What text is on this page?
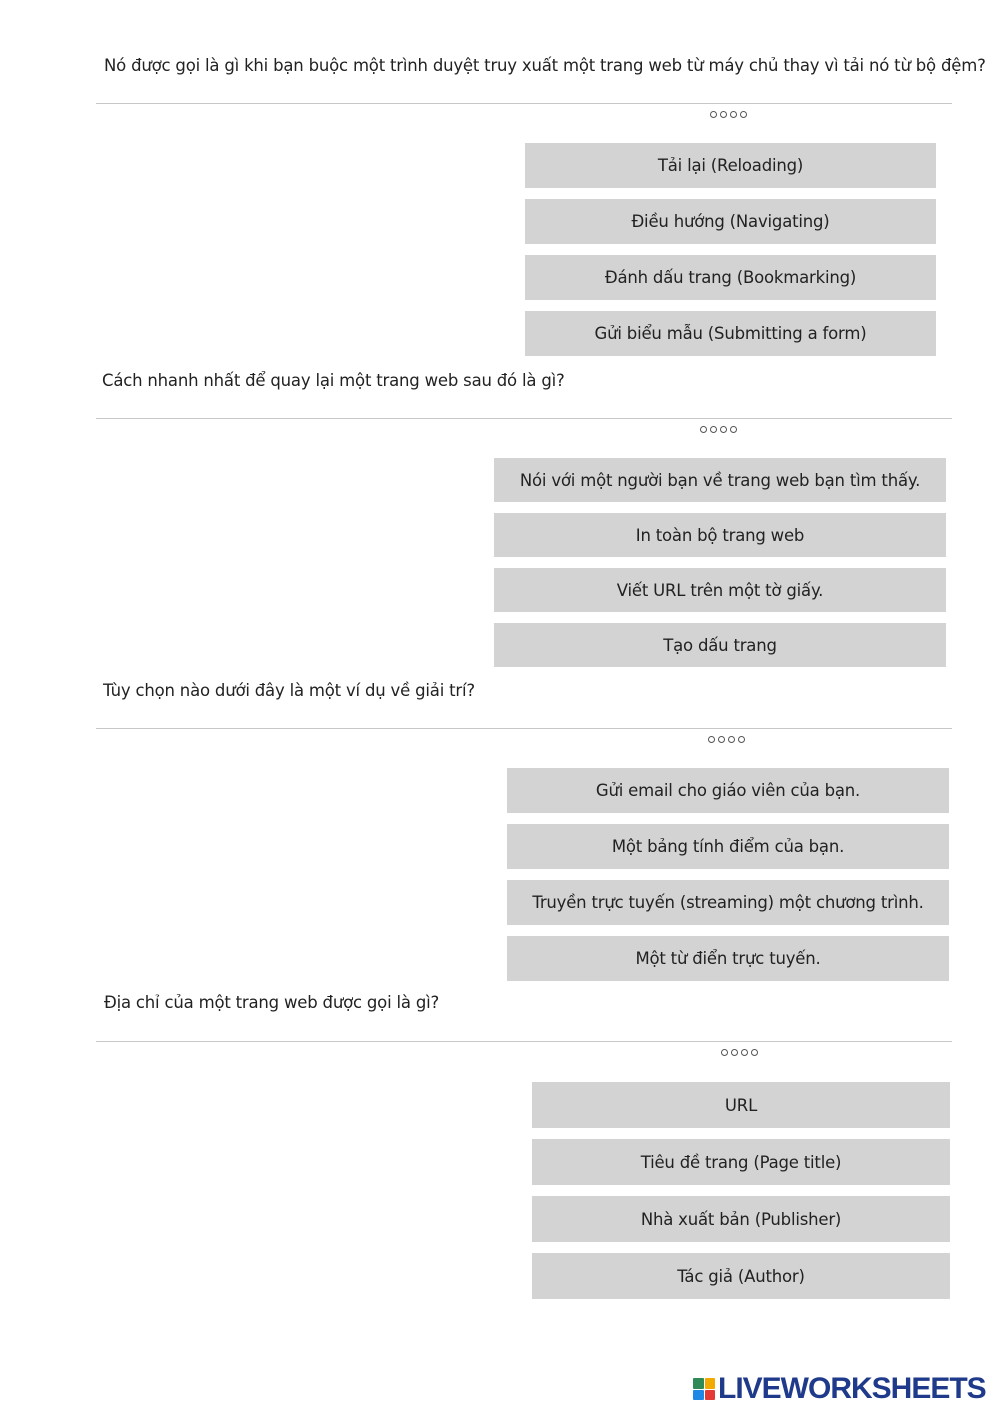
Nó được gọi là gì khi bạn buộc một trình duyệt truy xuất một trang web từ máy chủ thay vì tải nó từ bộ đệm?

Tải lại (Reloading)
Điều hướng (Navigating)
Đánh dấu trang (Bookmarking)
Gửi biểu mẫu (Submitting a form)

Cách nhanh nhất để quay lại một trang web sau đó là gì?

Nói với một người bạn về trang web bạn tìm thấy.
In toàn bộ trang web
Viết URL trên một tờ giấy.
Tạo dấu trang

Tùy chọn nào dưới đây là một ví dụ về giải trí?

Gửi email cho giáo viên của bạn.
Một bảng tính điểm của bạn.
Truyền trực tuyến (streaming) một chương trình.
Một từ điển trực tuyến.

Địa chỉ của một trang web được gọi là gì?

URL
Tiêu đề trang (Page title)
Nhà xuất bản (Publisher)
Tác giả (Author)
LIVEWORKSHEETS
